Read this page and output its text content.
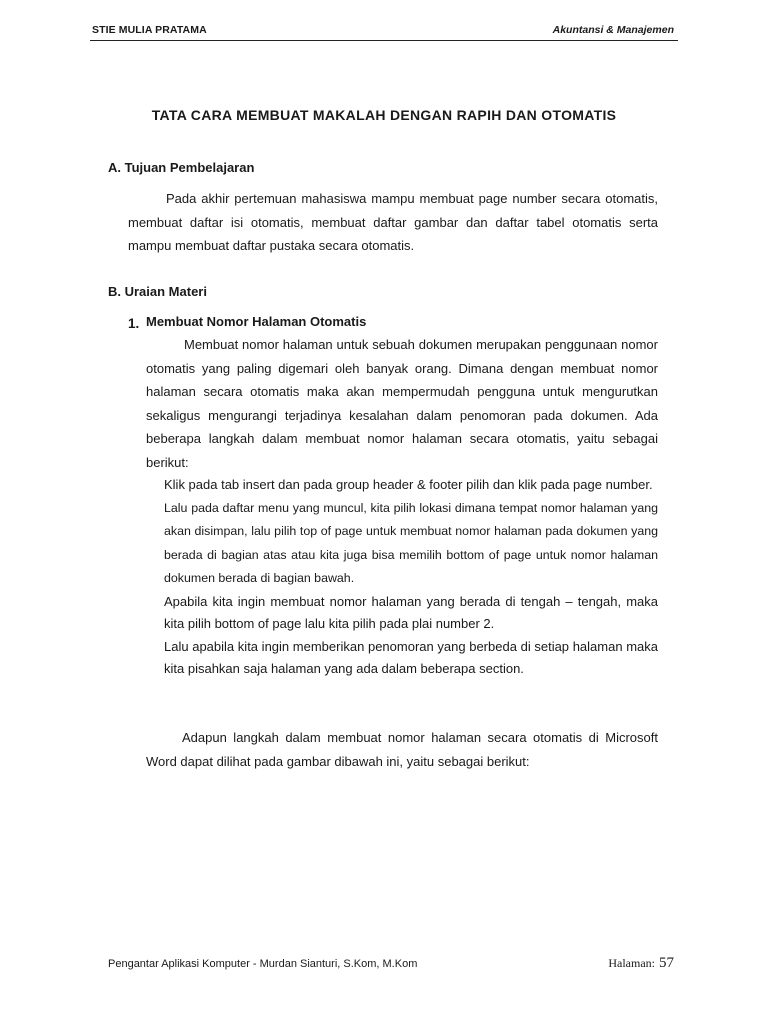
STIE MULIA PRATAMA	Akuntansi & Manajemen
TATA CARA MEMBUAT MAKALAH DENGAN RAPIH DAN OTOMATIS
A. Tujuan Pembelajaran
Pada akhir pertemuan mahasiswa mampu membuat page number secara otomatis, membuat daftar isi otomatis, membuat daftar gambar dan daftar tabel otomatis serta mampu membuat daftar pustaka secara otomatis.
B. Uraian Materi
1. Membuat Nomor Halaman Otomatis
Membuat nomor halaman untuk sebuah dokumen merupakan penggunaan nomor otomatis yang paling digemari oleh banyak orang. Dimana dengan membuat nomor halaman secara otomatis maka akan mempermudah pengguna untuk mengurutkan sekaligus mengurangi terjadinya kesalahan dalam penomoran pada dokumen. Ada beberapa langkah dalam membuat nomor halaman secara otomatis, yaitu sebagai berikut:
Klik pada tab insert dan pada group header & footer pilih dan klik pada page number.
Lalu pada daftar menu yang muncul, kita pilih lokasi dimana tempat nomor halaman yang akan disimpan, lalu pilih top of page untuk membuat nomor halaman pada dokumen yang berada di bagian atas atau kita juga bisa memilih bottom of page untuk nomor halaman dokumen berada di bagian bawah.
Apabila kita ingin membuat nomor halaman yang berada di tengah – tengah, maka kita pilih bottom of page lalu kita pilih pada plai number 2.
Lalu apabila kita ingin memberikan penomoran yang berbeda di setiap halaman maka kita pisahkan saja halaman yang ada dalam beberapa section.
Adapun langkah dalam membuat nomor halaman secara otomatis di Microsoft Word dapat dilihat pada gambar dibawah ini, yaitu sebagai berikut:
Pengantar Aplikasi Komputer - Murdan Sianturi, S.Kom, M.Kom	Halaman: 57
